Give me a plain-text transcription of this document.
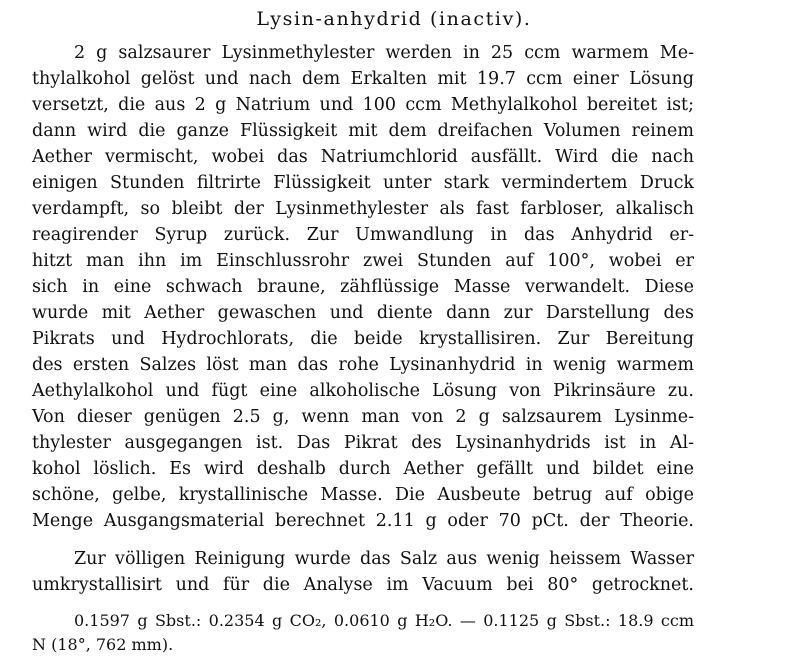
Lysin-anhydrid (inactiv).
2 g salzsaurer Lysinmethylester werden in 25 ccm warmem Me-
thylalkohol gelöst und nach dem Erkalten mit 19.7 ccm einer Lösung
versetzt, die aus 2 g Natrium und 100 ccm Methylalkohol bereitet ist;
dann wird die ganze Flüssigkeit mit dem dreifachen Volumen reinem
Aether vermischt, wobei das Natriumchlorid ausfällt. Wird die nach
einigen Stunden filtrirte Flüssigkeit unter stark vermindertem Druck
verdampft, so bleibt der Lysinmethylester als fast farbloser, alkalisch
reagirender Syrup zurück. Zur Umwandlung in das Anhydrid er-
hitzt man ihn im Einschlussrohr zwei Stunden auf 100°, wobei er
sich in eine schwach braune, zähflüssige Masse verwandelt. Diese
wurde mit Aether gewaschen und diente dann zur Darstellung des
Pikrats und Hydrochlorats, die beide krystallisiren. Zur Bereitung
des ersten Salzes löst man das rohe Lysinanhydrid in wenig warmem
Aethylalkohol und fügt eine alkoholische Lösung von Pikrinsäure zu.
Von dieser genügen 2.5 g, wenn man von 2 g salzsaurem Lysinme-
thylester ausgegangen ist. Das Pikrat des Lysinanhydrids ist in Al-
kohol löslich. Es wird deshalb durch Aether gefällt und bildet eine
schöne, gelbe, krystallinische Masse. Die Ausbeute betrug auf obige
Menge Ausgangsmaterial berechnet 2.11 g oder 70 pCt. der Theorie.
Zur völligen Reinigung wurde das Salz aus wenig heissem Wasser
umkrystallisirt und für die Analyse im Vacuum bei 80° getrocknet.
0.1597 g Sbst.: 0.2354 g CO₂, 0.0610 g H₂O. — 0.1125 g Sbst.: 18.9 ccm
N (18°, 762 mm).
